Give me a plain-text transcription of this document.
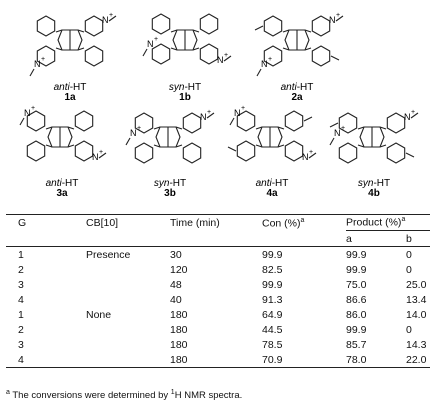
N +
N +	N +
N +
N +
N +
N +
N +
N +
N +
N +
N +
N +
N +
anti-HT
1a
syn-HT
1b
anti-HT
2a
anti-HT
3a
syn-HT
3b
anti-HT
4a
syn-HT
4b
G	CB[10]	Time (min)	Con (%)$^a$	Product (%)$^a$
				a	b
1	Presence	30	99.9	99.9	0
2		120	82.5	99.9	0
3		48	99.9	75.0	25.0
4		40	91.3	86.6	13.4
1	None	180	64.9	86.0	14.0
2		180	44.5	99.9	0
3		180	78.5	85.7	14.3
4		180	70.9	78.0	22.0
$^a$ The conversions were determined by $^1$H NMR spectra.
